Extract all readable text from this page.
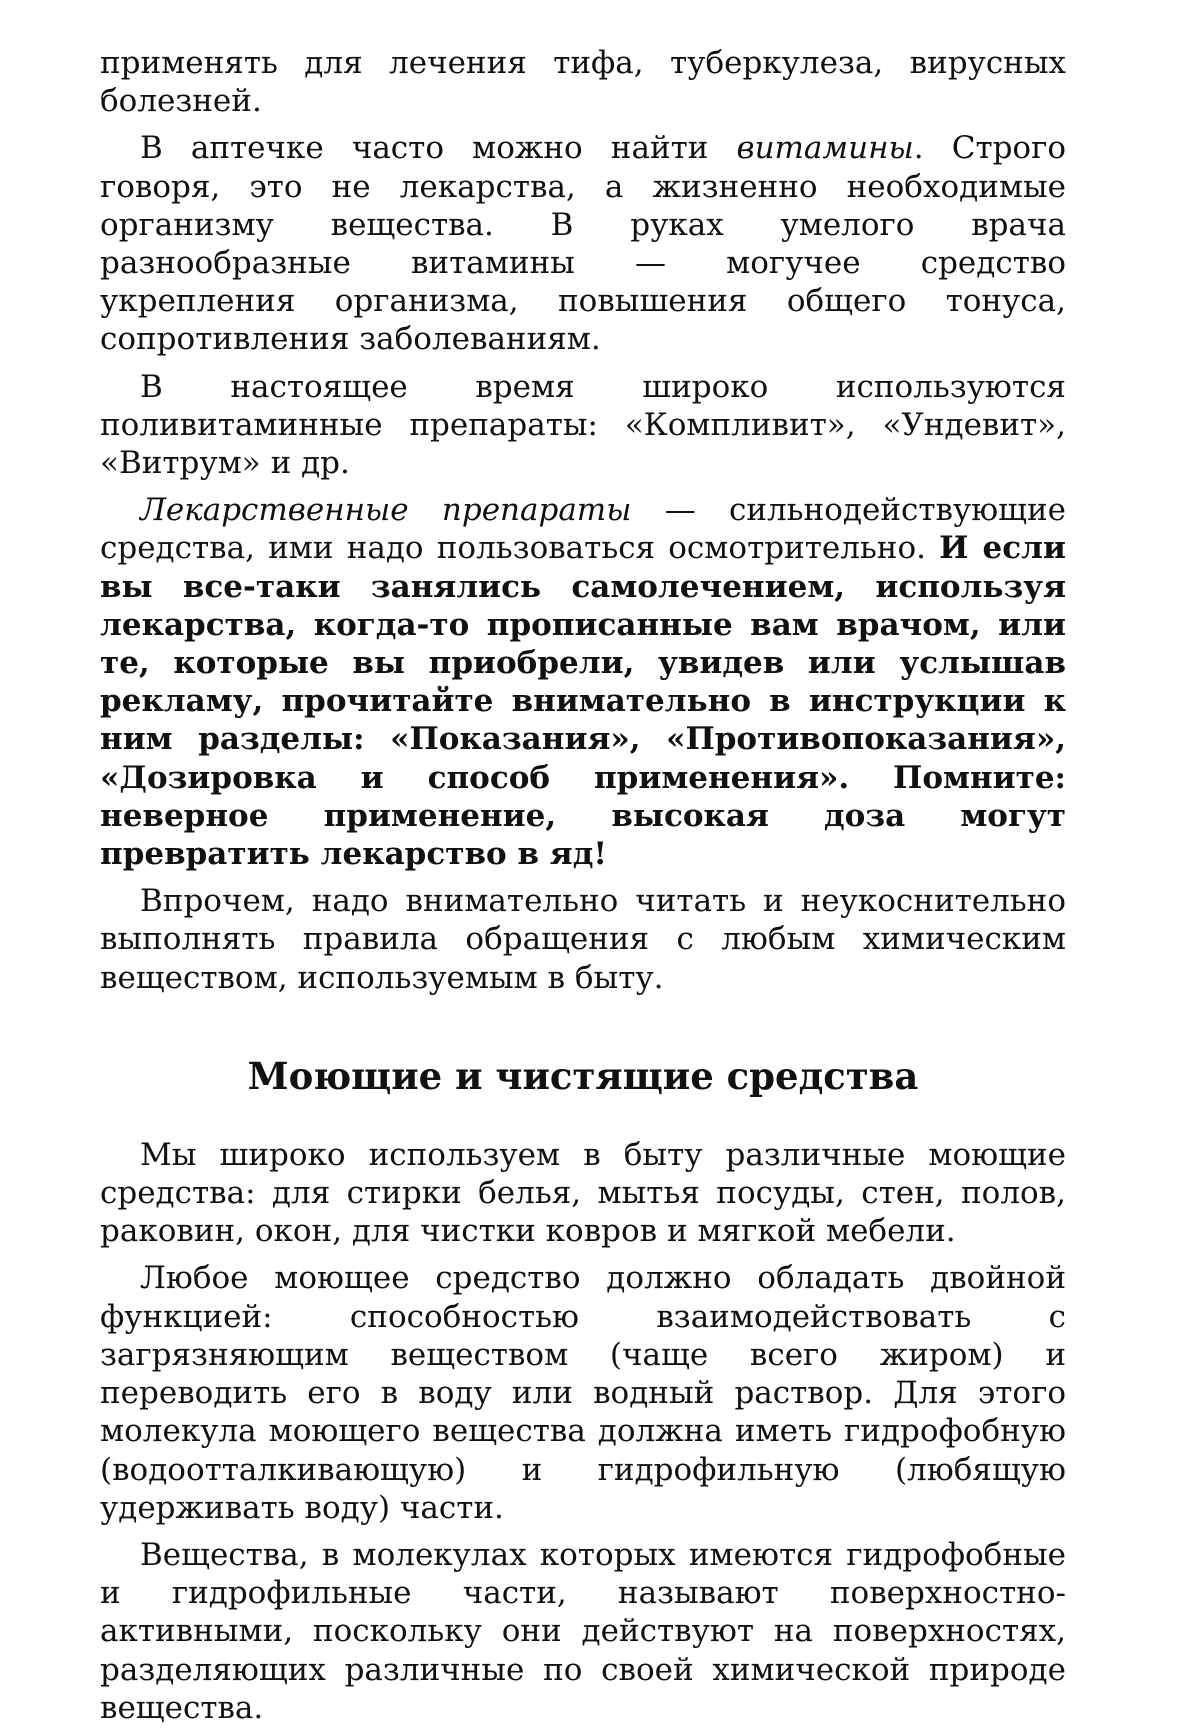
применять для лечения тифа, туберкулеза, вирусных болезней.

В аптечке часто можно найти витамины. Строго говоря, это не лекарства, а жизненно необходимые организму вещества. В руках умелого врача разнообразные витамины — могучее средство укрепления организма, повышения общего тонуса, сопротивления заболеваниям.

В настоящее время широко используются поливитаминные препараты: «Компливит», «Ундевит», «Витрум» и др.

Лекарственные препараты — сильнодействующие средства, ими надо пользоваться осмотрительно. И если вы все-таки занялись самолечением, используя лекарства, когда-то прописанные вам врачом, или те, которые вы приобрели, увидев или услышав рекламу, прочитайте внимательно в инструкции к ним разделы: «Показания», «Противопоказания», «Дозировка и способ применения». Помните: неверное применение, высокая доза могут превратить лекарство в яд!

Впрочем, надо внимательно читать и неукоснительно выполнять правила обращения с любым химическим веществом, используемым в быту.

Моющие и чистящие средства

Мы широко используем в быту различные моющие средства: для стирки белья, мытья посуды, стен, полов, раковин, окон, для чистки ковров и мягкой мебели.

Любое моющее средство должно обладать двойной функцией: способностью взаимодействовать с загрязняющим веществом (чаще всего жиром) и переводить его в воду или водный раствор. Для этого молекула моющего вещества должна иметь гидрофобную (водоотталкивающую) и гидрофильную (любящую удерживать воду) части.

Вещества, в молекулах которых имеются гидрофобные и гидрофильные части, называют поверхностно-активными, поскольку они действуют на поверхностях, разделяющих различные по своей химической природе вещества.
